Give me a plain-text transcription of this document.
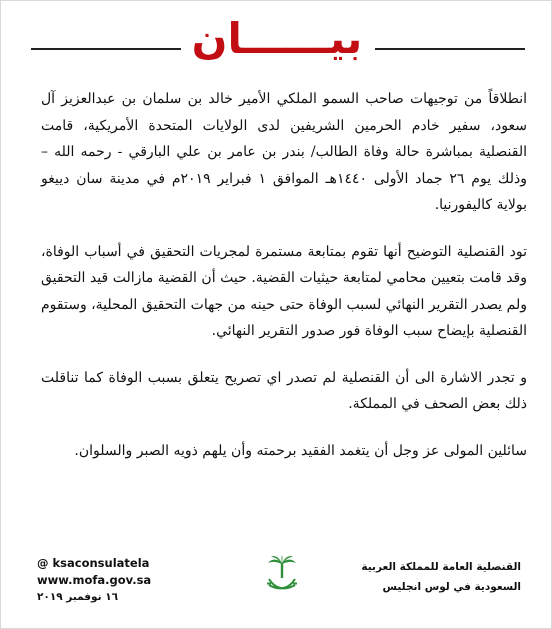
بيــــــان

انطلاقاً من توجيهات صاحب السمو الملكي الأمير خالد بن سلمان بن عبدالعزيز آل سعود، سفير خادم الحرمين الشريفين لدى الولايات المتحدة الأمريكية، قامت القنصلية بمباشرة حالة وفاة الطالب/ بندر بن عامر بن علي البارقي - رحمه الله – وذلك يوم ٢٦ جماد الأولى ١٤٤٠هـ الموافق ١ فبراير ٢٠١٩م في مدينة سان دييغو بولاية كاليفورنيا.

تود القنصلية التوضيح أنها تقوم بمتابعة مستمرة لمجريات التحقيق في أسباب الوفاة، وقد قامت بتعيين محامي لمتابعة حيثيات القضية. حيث أن القضية مازالت قيد التحقيق ولم يصدر التقرير النهائي لسبب الوفاة حتى حينه من جهات التحقيق المحلية، وستقوم القنصلية بإيضاح سبب الوفاة فور صدور التقرير النهائي.

و تجدر الاشارة الى أن القنصلية لم تصدر اي تصريح يتعلق بسبب الوفاة كما تناقلت ذلك بعض الصحف في المملكة.

سائلين المولى عز وجل أن يتغمد الفقيد برحمته وأن يلهم ذويه الصبر والسلوان.

@ ksaconsulatela
www.mofa.gov.sa
١٦ نوفمبر ٢٠١٩
القنصلية العامة للمملكة العربية
السعودية في لوس انجليس
